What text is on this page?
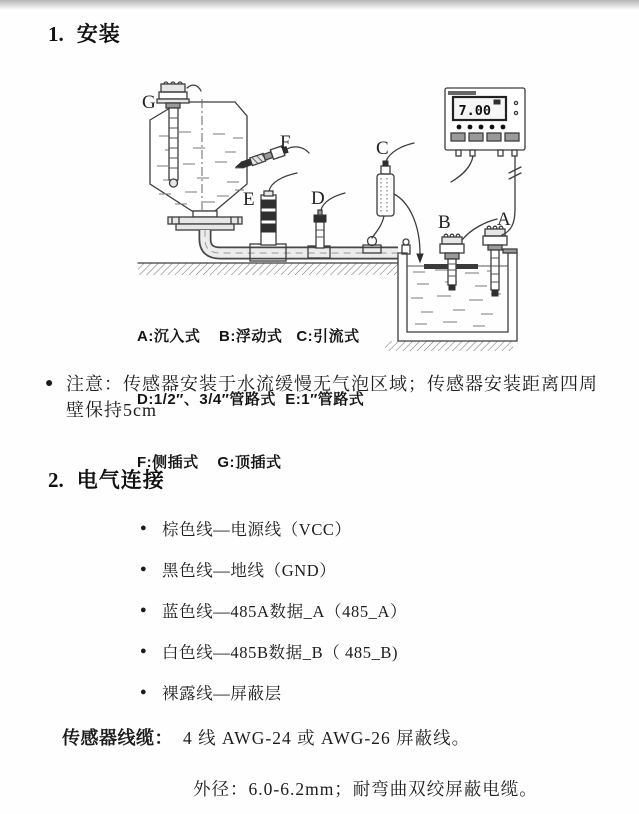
1. 安装
7.00
G
F	C
E	D
B A

A:沉入式    B:浮动式   C:引流式

D:1/2″、3/4″管路式  E:1″管路式

F:侧插式    G:顶插式

● 注意：传感器安装于水流缓慢无气泡区域；传感器安装距离四周壁保持5cm
2. 电气连接
● 棕色线—电源线（VCC）
● 黑色线—地线（GND）
● 蓝色线—485A数据_A（485_A）
● 白色线—485B数据_B（ 485_B)
● 裸露线—屏蔽层
传感器线缆： 4 线 AWG-24 或 AWG-26 屏蔽线。
外径：6.0-6.2mm；耐弯曲双绞屏蔽电缆。
